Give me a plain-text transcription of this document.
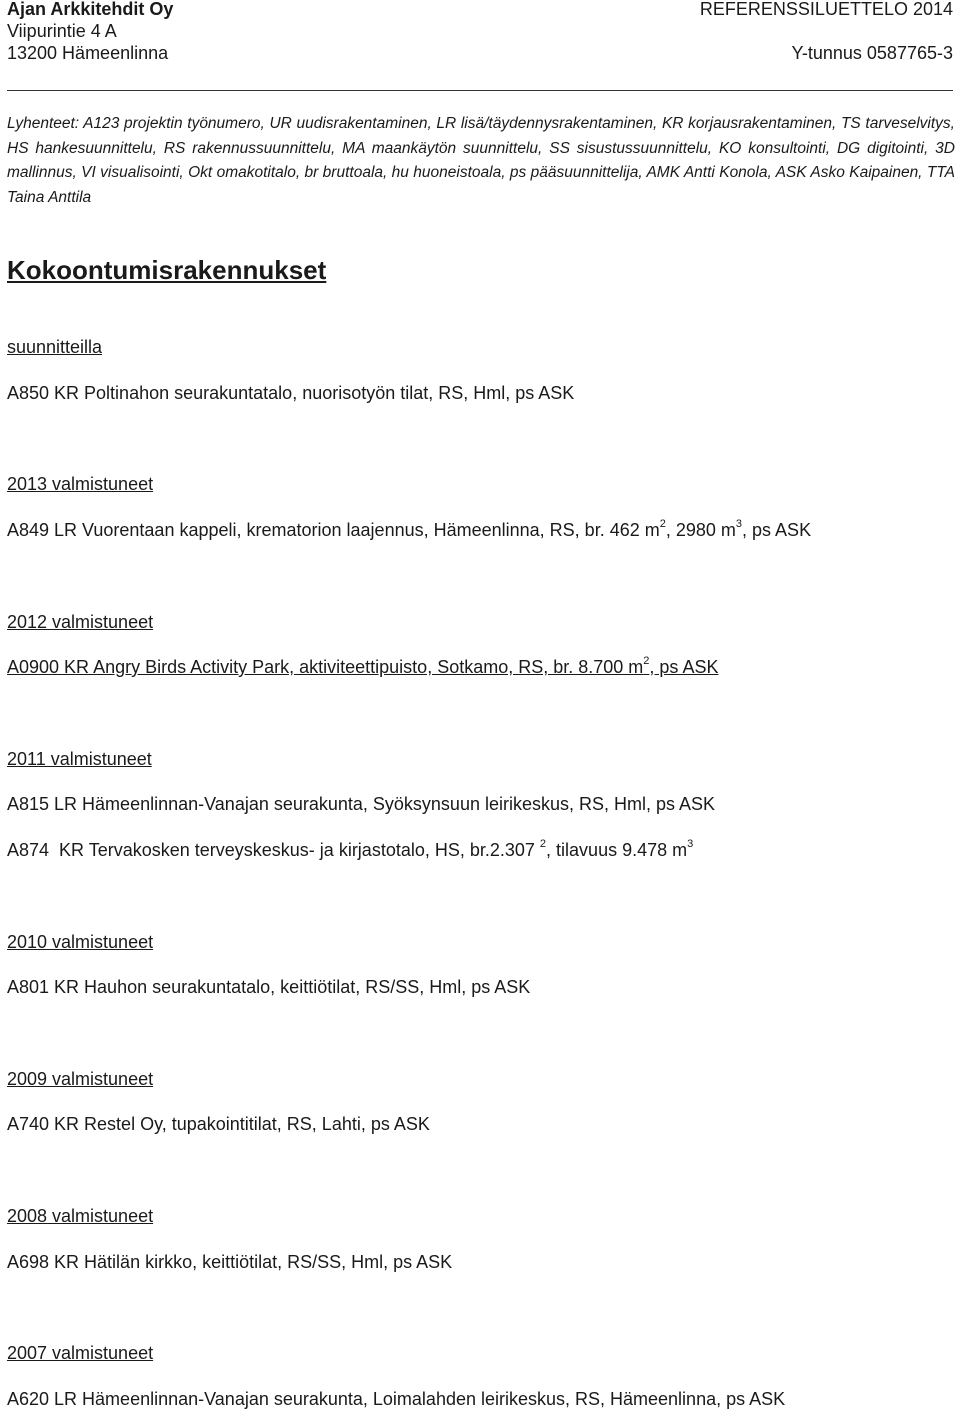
Ajan Arkkitehdit Oy	REFERENSSILUETTELO 2014
Viipurintie 4 A
13200 Hämeenlinna	Y-tunnus 0587765-3
Lyhenteet: A123 projektin työnumero, UR uudisrakentaminen, LR lisä/täydennysrakentaminen, KR korjausrakentaminen, TS tarveselvitys, HS hankesuunnittelu, RS rakennussuunnittelu, MA maankäytön suunnittelu, SS sisustussuunnittelu, KO konsultointi, DG digitointi, 3D mallinnus, VI visualisointi, Okt omakotitalo, br bruttoala, hu huoneistoala, ps pääsuunnittelija, AMK Antti Konola, ASK Asko Kaipainen, TTA Taina Anttila
Kokoontumisrakennukset
suunnitteilla
A850 KR Poltinahon seurakuntatalo, nuorisotyön tilat, RS, Hml, ps ASK
2013 valmistuneet
A849 LR Vuorentaan kappeli, krematorion laajennus, Hämeenlinna, RS, br. 462 $m^2$, 2980 $m^3$, ps ASK
2012 valmistuneet
A0900 KR Angry Birds Activity Park, aktiviteettipuisto, Sotkamo, RS, br. 8.700 $m^2$, ps ASK
2011 valmistuneet
A815 LR Hämeenlinnan-Vanajan seurakunta, Syöksynsuun leirikeskus, RS, Hml, ps ASK
A874  KR Tervakosken terveyskeskus- ja kirjastotalo, HS, br.2.307 $^2$, tilavuus 9.478 $m^3$
2010 valmistuneet
A801 KR Hauhon seurakuntatalo, keittiötilat, RS/SS, Hml, ps ASK
2009 valmistuneet
A740 KR Restel Oy, tupakointitilat, RS, Lahti, ps ASK
2008 valmistuneet
A698 KR Hätilän kirkko, keittiötilat, RS/SS, Hml, ps ASK
2007 valmistuneet
A620 LR Hämeenlinnan-Vanajan seurakunta, Loimalahden leirikeskus, RS, Hämeenlinna, ps ASK
